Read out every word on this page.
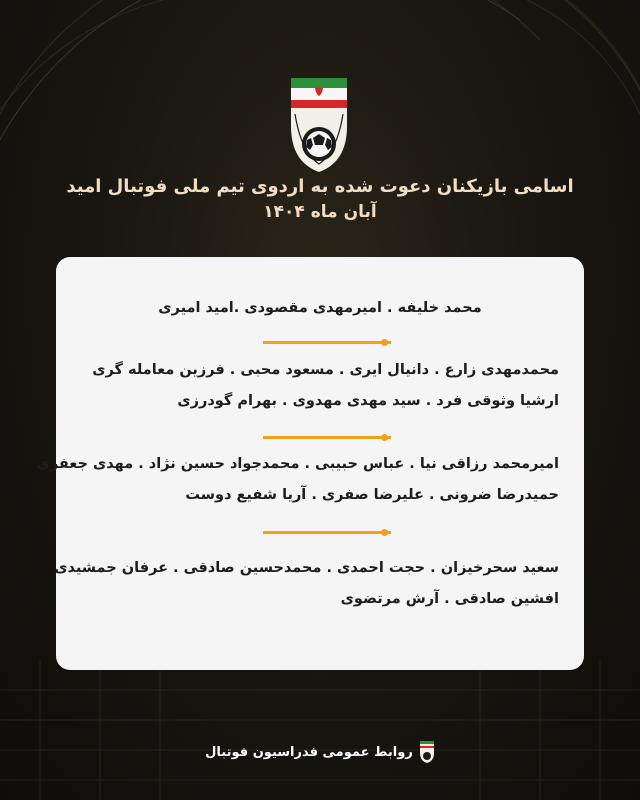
اسامی بازیکنان دعوت شده به اردوی تیم ملی فوتبال امید
آبان ماه ۱۴۰۴
محمد خلیفه . امیرمهدی مقصودی .امید امیری
محمدمهدی زارع . دانیال ایری . مسعود محبی . فرزین معامله گری
ارشیا وثوقی فرد . سید مهدی مهدوی . بهرام گودرزی
امیرمحمد رزاقی نیا . عباس حبیبی . محمدجواد حسین نژاد . مهدی جعفری
حمیدرضا ضرونی . علیرضا صفری . آریا شفیع دوست
سعید سحرخیزان . حجت احمدی . محمدحسین صادقی . عرفان جمشیدی
افشین صادقی . آرش مرتضوی
روابط عمومی فدراسیون فوتبال
